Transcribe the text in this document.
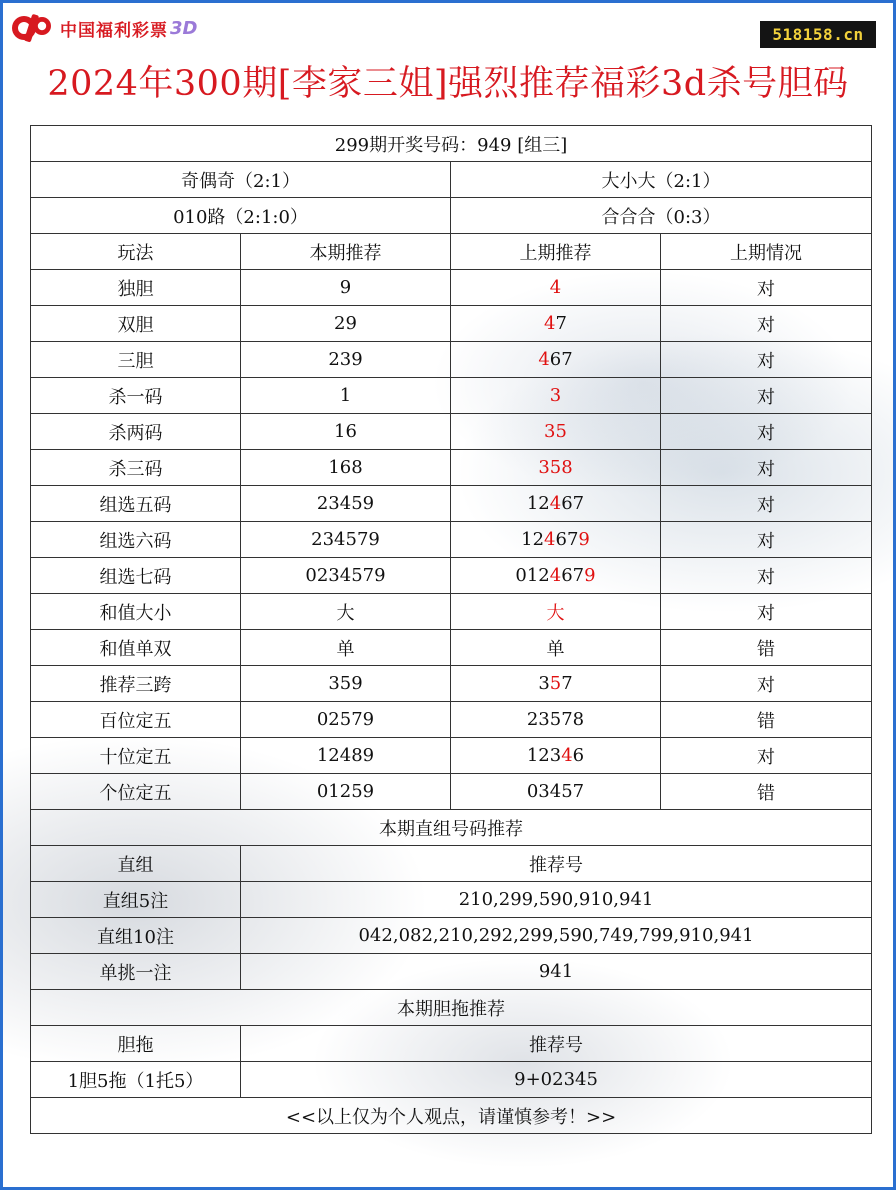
中国福利彩票 3D	518158.cn
2024年300期[李家三姐]强烈推荐福彩3d杀号胆码
299期开奖号码：949 [组三]			
奇偶奇（2:1）		大小大（2:1）	
010路（2:1:0）		合合合（0:3）	
玩法	本期推荐	上期推荐	上期情况
独胆	9	4	对
双胆	29	47	对
三胆	239	467	对
杀一码	1	3	对
杀两码	16	35	对
杀三码	168	358	对
组选五码	23459	12467	对
组选六码	234579	124679	对
组选七码	0234579	0124679	对
和值大小	大	大	对
和值单双	单	单	错
推荐三跨	359	357	对
百位定五	02579	23578	错
十位定五	12489	12346	对
个位定五	01259	03457	错
本期直组号码推荐			
直组	推荐号		
直组5注	210,299,590,910,941		
直组10注	042,082,210,292,299,590,749,799,910,941		
单挑一注	941		
本期胆拖推荐			
胆拖	推荐号		
1胆5拖（1托5）	9+02345		
<<以上仅为个人观点，请谨慎参考！>>			
